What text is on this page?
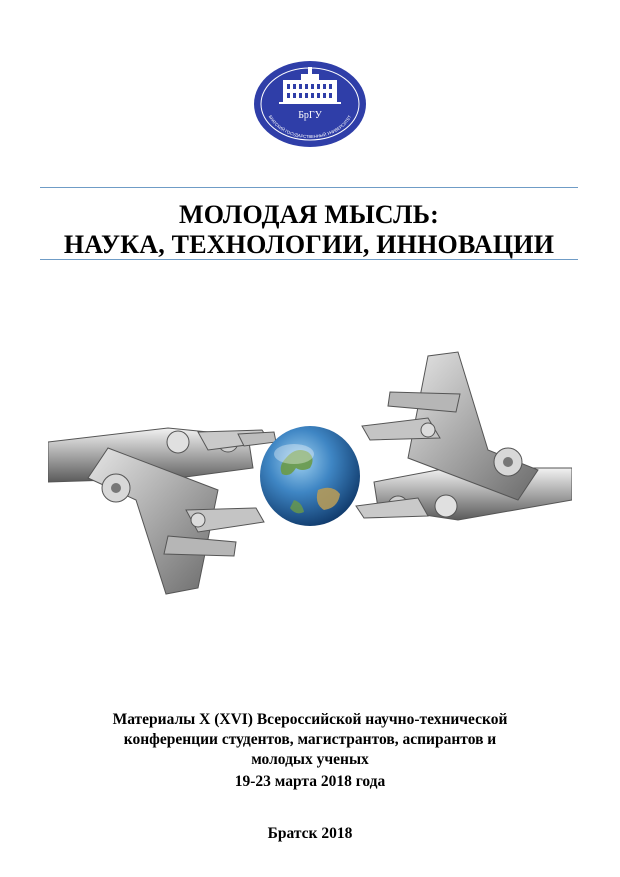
БрГУ
БРАТСКИЙ ГОСУДАРСТВЕННЫЙ УНИВЕРСИТЕТ
МОЛОДАЯ МЫСЛЬ:
НАУКА, ТЕХНОЛОГИИ, ИННОВАЦИИ
Материалы X (XVI) Всероссийской научно-технической
конференции студентов, магистрантов, аспирантов и
молодых ученых
19-23 марта 2018 года
Братск 2018
